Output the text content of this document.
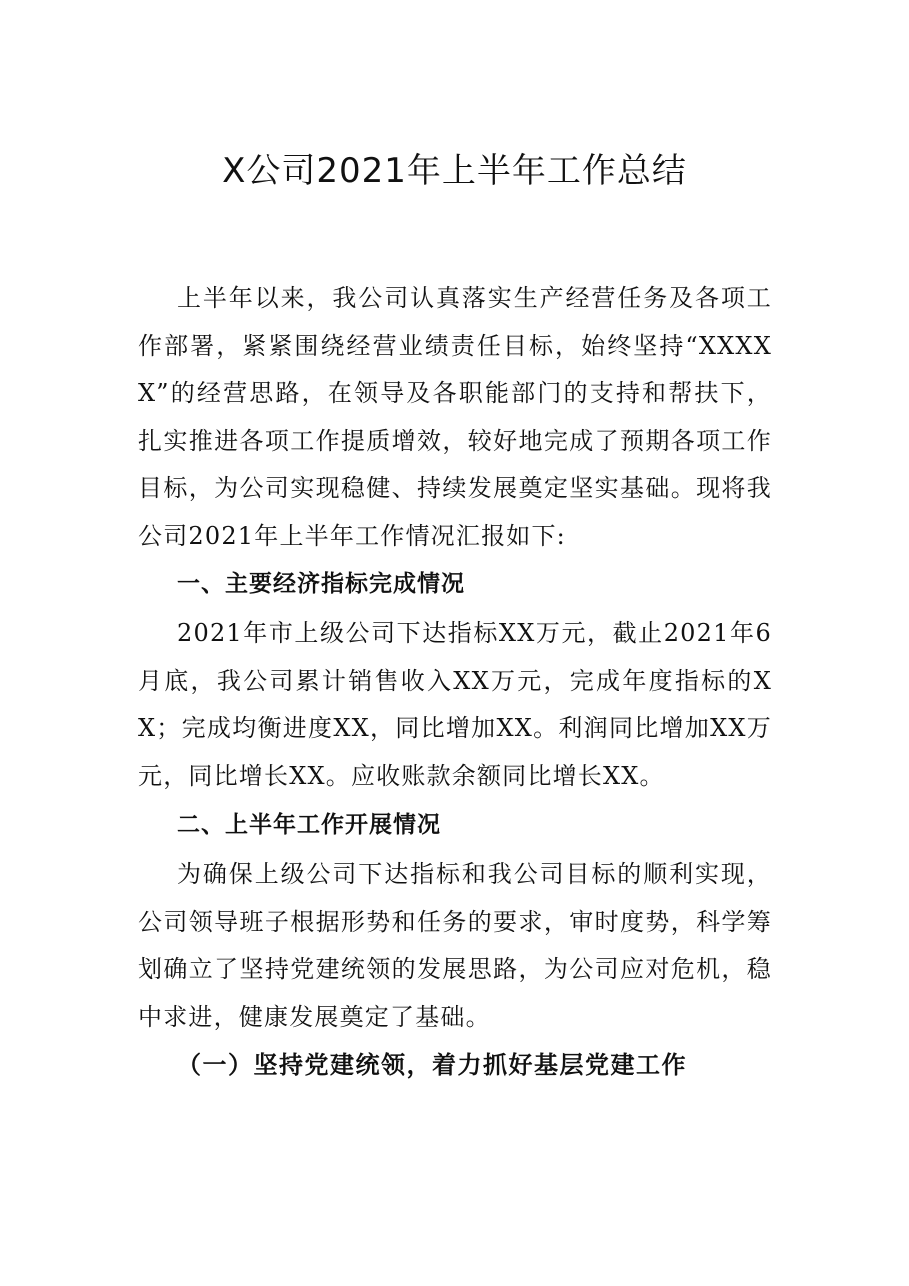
X公司2021年上半年工作总结

上半年以来，我公司认真落实生产经营任务及各项工作部署，紧紧围绕经营业绩责任目标，始终坚持“XXXXX”的经营思路，在领导及各职能部门的支持和帮扶下，扎实推进各项工作提质增效，较好地完成了预期各项工作目标，为公司实现稳健、持续发展奠定坚实基础。现将我公司2021年上半年工作情况汇报如下:

一、主要经济指标完成情况

2021年市上级公司下达指标XX万元，截止2021年6月底，我公司累计销售收入XX万元，完成年度指标的XX；完成均衡进度XX，同比增加XX。利润同比增加XX万元，同比增长XX。应收账款余额同比增长XX。

二、上半年工作开展情况

为确保上级公司下达指标和我公司目标的顺利实现，公司领导班子根据形势和任务的要求，审时度势，科学筹划确立了坚持党建统领的发展思路，为公司应对危机，稳中求进，健康发展奠定了基础。

（一）坚持党建统领，着力抓好基层党建工作
